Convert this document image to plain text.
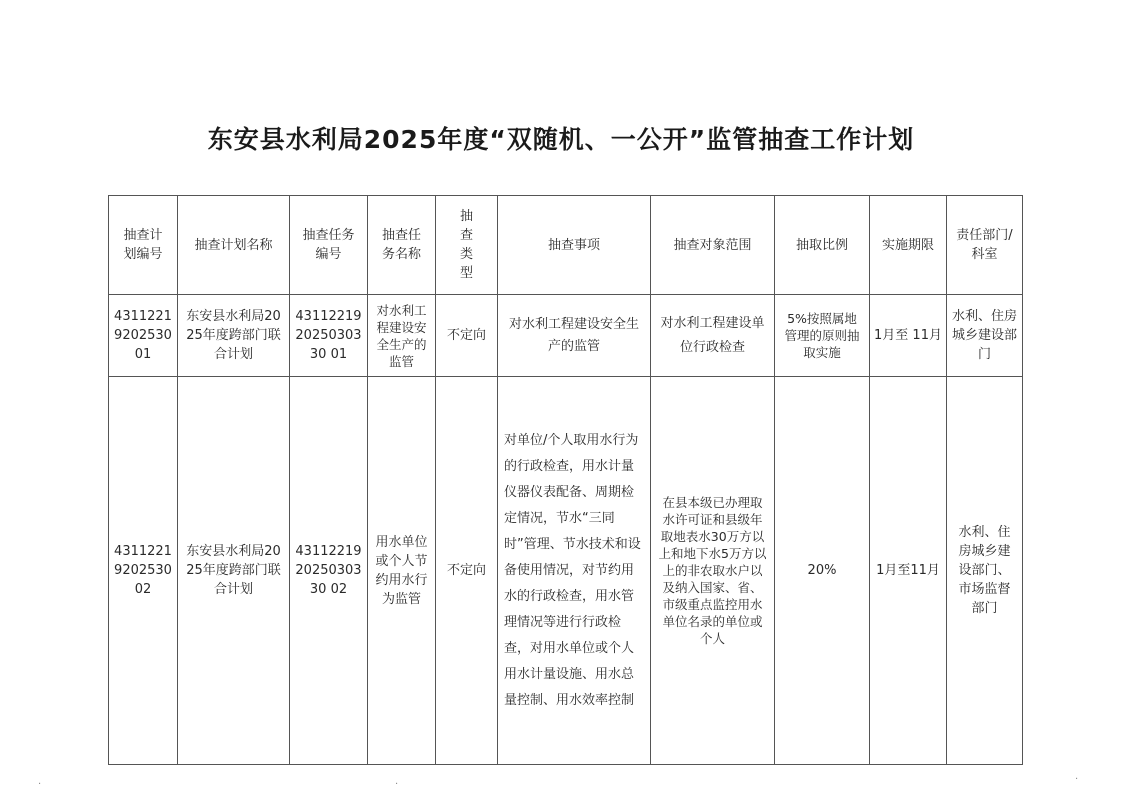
东安县水利局2025年度“双随机、一公开”监管抽查工作计划
抽查计划编号	抽查计划名称	抽查任务编号	抽查任务名称	抽查类型	抽查事项	抽查对象范围	抽取比例	实施期限	责任部门/科室
4311221920253001	东安县水利局2025年度跨部门联合计划	431122192025030330 01	对水利工程建设安全生产的监管	不定向	对水利工程建设安全生产的监管	对水利工程建设单位行政检查	5%按照属地管理的原则抽取实施	1月至 11月	水利、住房城乡建设部门
4311221920253002	东安县水利局2025年度跨部门联合计划	431122192025030330 02	用水单位或个人节约用水行为监管	不定向	对单位/个人取用水行为的行政检查，用水计量仪器仪表配备、周期检定情况，节水“三同时”管理、节水技术和设备使用情况，对节约用水的行政检查，用水管理情况等进行行政检查，对用水单位或个人用水计量设施、用水总量控制、用水效率控制	在县本级已办理取水许可证和县级年取地表水30万方以上和地下水5万方以上的非农取水户以及纳入国家、省、市级重点监控用水单位名录的单位或个人	20%	1月至11月	水利、住房城乡建设部门、市场监督部门
.	.	.
